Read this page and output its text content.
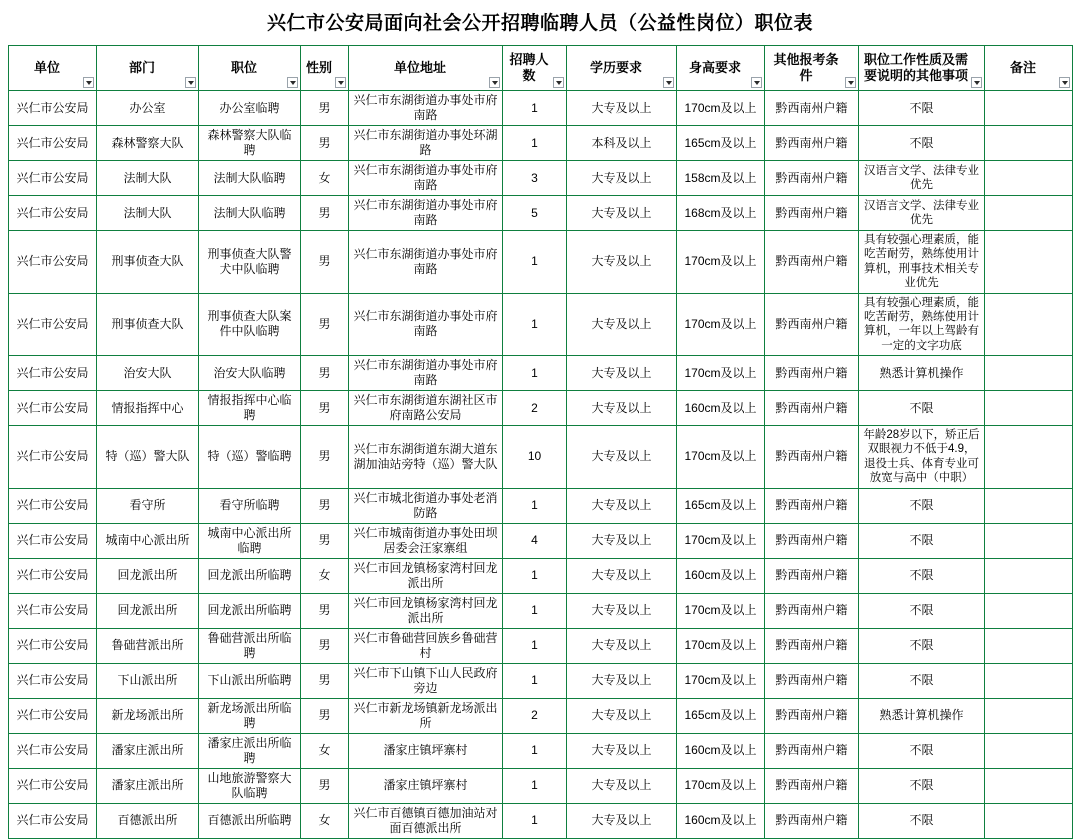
兴仁市公安局面向社会公开招聘临聘人员（公益性岗位）职位表
单位	部门	职位	性别	单位地址	招聘人数	学历要求	身高要求	其他报考条件	职位工作性质及需要说明的其他事项	备注

兴仁市公安局	办公室	办公室临聘	男	兴仁市东湖街道办事处市府南路	1	大专及以上	170cm及以上	黔西南州户籍	不限	
兴仁市公安局	森林警察大队	森林警察大队临聘	男	兴仁市东湖街道办事处环湖路	1	本科及以上	165cm及以上	黔西南州户籍	不限	
兴仁市公安局	法制大队	法制大队临聘	女	兴仁市东湖街道办事处市府南路	3	大专及以上	158cm及以上	黔西南州户籍	汉语言文学、法律专业优先	
兴仁市公安局	法制大队	法制大队临聘	男	兴仁市东湖街道办事处市府南路	5	大专及以上	168cm及以上	黔西南州户籍	汉语言文学、法律专业优先	
兴仁市公安局	刑事侦查大队	刑事侦查大队警犬中队临聘	男	兴仁市东湖街道办事处市府南路	1	大专及以上	170cm及以上	黔西南州户籍	具有较强心理素质，能吃苦耐劳，熟练使用计算机，刑事技术相关专业优先	
兴仁市公安局	刑事侦查大队	刑事侦查大队案件中队临聘	男	兴仁市东湖街道办事处市府南路	1	大专及以上	170cm及以上	黔西南州户籍	具有较强心理素质，能吃苦耐劳，熟练使用计算机，一年以上驾龄有一定的文字功底	
兴仁市公安局	治安大队	治安大队临聘	男	兴仁市东湖街道办事处市府南路	1	大专及以上	170cm及以上	黔西南州户籍	熟悉计算机操作	
兴仁市公安局	情报指挥中心	情报指挥中心临聘	男	兴仁市东湖街道东湖社区市府南路公安局	2	大专及以上	160cm及以上	黔西南州户籍	不限	
兴仁市公安局	特（巡）警大队	特（巡）警临聘	男	兴仁市东湖街道东湖大道东湖加油站旁特（巡）警大队	10	大专及以上	170cm及以上	黔西南州户籍	年龄28岁以下，矫正后双眼视力不低于4.9，退役士兵、体育专业可放宽与高中（中职）	
兴仁市公安局	看守所	看守所临聘	男	兴仁市城北街道办事处老消防路	1	大专及以上	165cm及以上	黔西南州户籍	不限	
兴仁市公安局	城南中心派出所	城南中心派出所临聘	男	兴仁市城南街道办事处田坝居委会汪家寨组	4	大专及以上	170cm及以上	黔西南州户籍	不限	
兴仁市公安局	回龙派出所	回龙派出所临聘	女	兴仁市回龙镇杨家湾村回龙派出所	1	大专及以上	160cm及以上	黔西南州户籍	不限	
兴仁市公安局	回龙派出所	回龙派出所临聘	男	兴仁市回龙镇杨家湾村回龙派出所	1	大专及以上	170cm及以上	黔西南州户籍	不限	
兴仁市公安局	鲁础营派出所	鲁础营派出所临聘	男	兴仁市鲁础营回族乡鲁础营村	1	大专及以上	170cm及以上	黔西南州户籍	不限	
兴仁市公安局	下山派出所	下山派出所临聘	男	兴仁市下山镇下山人民政府旁边	1	大专及以上	170cm及以上	黔西南州户籍	不限	
兴仁市公安局	新龙场派出所	新龙场派出所临聘	男	兴仁市新龙场镇新龙场派出所	2	大专及以上	165cm及以上	黔西南州户籍	熟悉计算机操作	
兴仁市公安局	潘家庄派出所	潘家庄派出所临聘	女	潘家庄镇坪寨村	1	大专及以上	160cm及以上	黔西南州户籍	不限	
兴仁市公安局	潘家庄派出所	山地旅游警察大队临聘	男	潘家庄镇坪寨村	1	大专及以上	170cm及以上	黔西南州户籍	不限	
兴仁市公安局	百德派出所	百德派出所临聘	女	兴仁市百德镇百德加油站对面百德派出所	1	大专及以上	160cm及以上	黔西南州户籍	不限	
